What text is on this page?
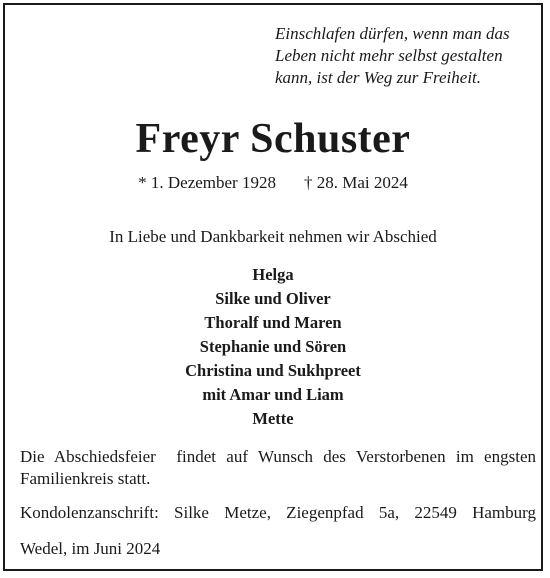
Einschlafen dürfen, wenn man das
Leben nicht mehr selbst gestalten
kann, ist der Weg zur Freiheit.
Freyr Schuster
* 1. Dezember 1928 † 28. Mai 2024
In Liebe und Dankbarkeit nehmen wir Abschied
Helga
Silke und Oliver
Thoralf und Maren
Stephanie und Sören
Christina und Sukhpreet
mit Amar und Liam
Mette
Die Abschiedsfeier  findet auf Wunsch des Verstorbenen im engsten Familienkreis statt.
Kondolenzanschrift: Silke Metze, Ziegenpfad 5a, 22549 Hamburg
Wedel, im Juni 2024
